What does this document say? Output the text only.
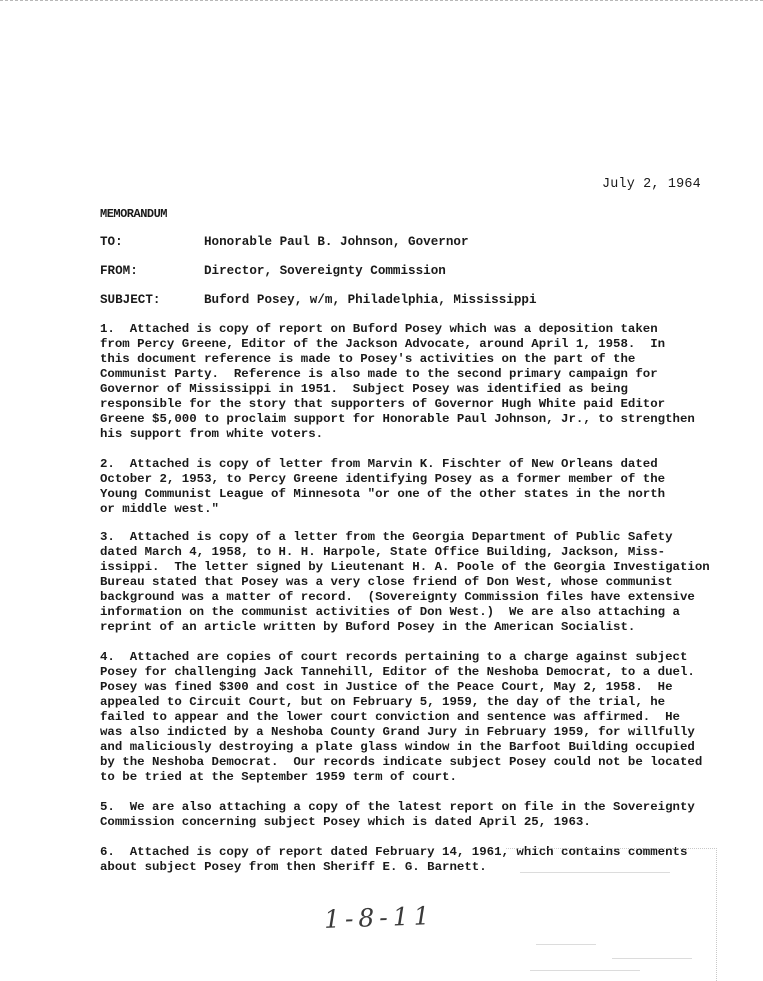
July 2, 1964
MEMORANDUM
TO:	Honorable Paul B. Johnson, Governor
FROM:	Director, Sovereignty Commission
SUBJECT:	Buford Posey, w/m, Philadelphia, Mississippi
1.  Attached is copy of report on Buford Posey which was a deposition taken
from Percy Greene, Editor of the Jackson Advocate, around April 1, 1958.  In
this document reference is made to Posey's activities on the part of the
Communist Party.  Reference is also made to the second primary campaign for
Governor of Mississippi in 1951.  Subject Posey was identified as being
responsible for the story that supporters of Governor Hugh White paid Editor
Greene $5,000 to proclaim support for Honorable Paul Johnson, Jr., to strengthen
his support from white voters.
2.  Attached is copy of letter from Marvin K. Fischter of New Orleans dated
October 2, 1953, to Percy Greene identifying Posey as a former member of the
Young Communist League of Minnesota "or one of the other states in the north
or middle west."
3.  Attached is copy of a letter from the Georgia Department of Public Safety
dated March 4, 1958, to H. H. Harpole, State Office Building, Jackson, Miss-
issippi.  The letter signed by Lieutenant H. A. Poole of the Georgia Investigation
Bureau stated that Posey was a very close friend of Don West, whose communist
background was a matter of record.  (Sovereignty Commission files have extensive
information on the communist activities of Don West.)  We are also attaching a
reprint of an article written by Buford Posey in the American Socialist.
4.  Attached are copies of court records pertaining to a charge against subject
Posey for challenging Jack Tannehill, Editor of the Neshoba Democrat, to a duel.
Posey was fined $300 and cost in Justice of the Peace Court, May 2, 1958.  He
appealed to Circuit Court, but on February 5, 1959, the day of the trial, he
failed to appear and the lower court conviction and sentence was affirmed.  He
was also indicted by a Neshoba County Grand Jury in February 1959, for willfully
and maliciously destroying a plate glass window in the Barfoot Building occupied
by the Neshoba Democrat.  Our records indicate subject Posey could not be located
to be tried at the September 1959 term of court.
5.  We are also attaching a copy of the latest report on file in the Sovereignty
Commission concerning subject Posey which is dated April 25, 1963.
6.  Attached is copy of report dated February 14, 1961, which contains comments
about subject Posey from then Sheriff E. G. Barnett.
1-8-11
